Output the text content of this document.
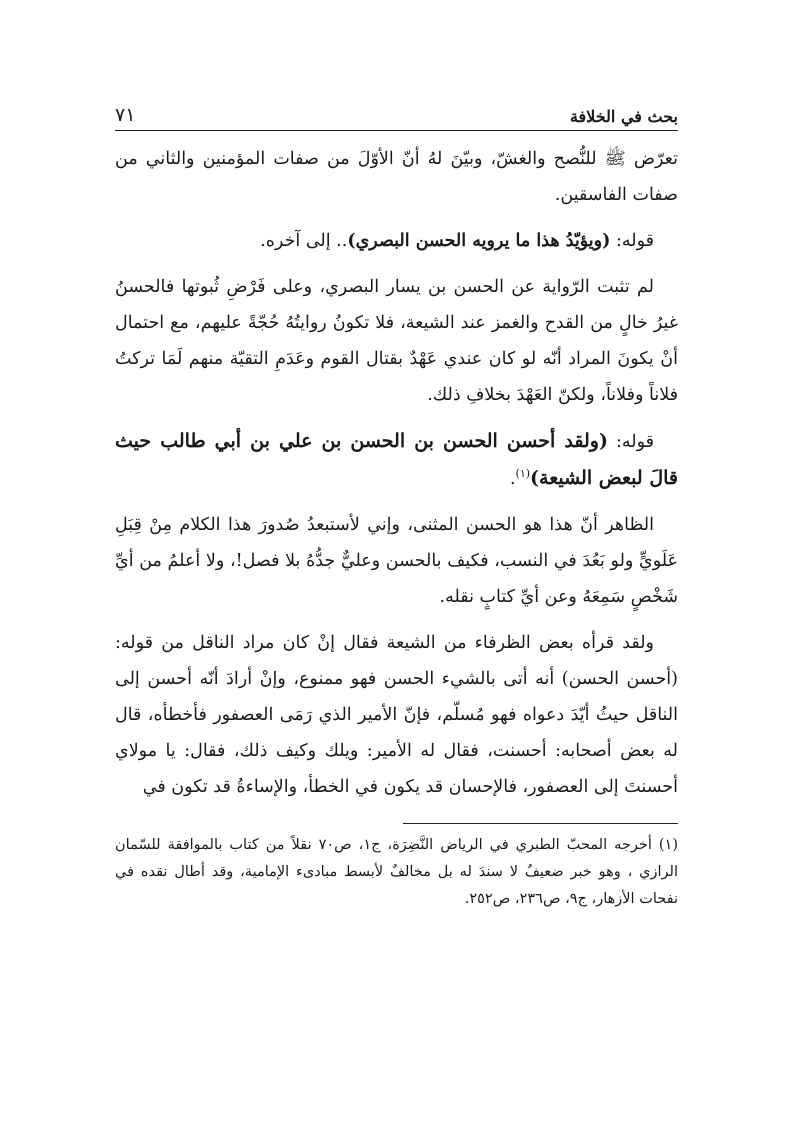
بحث في الخلافة
٧١

تعرّض ﷺ للنُّصح والغشّ، وبيّنَ لهُ أنّ الأوّلَ من صفات المؤمنين والثاني من صفات الفاسقين.

قوله: (ويؤيّدُ هذا ما يرويه الحسن البصري).. إلى آخره.

لم تثبت الرّواية عن الحسن بن يسار البصري، وعلى فَرْضِ ثُبوتها فالحسنُ غيرُ خالٍ من القدح والغمز عند الشيعة، فلا تكونُ روايتُهُ حُجّةً عليهم، مع احتمال أنْ يكونَ المراد أنّه لو كان عندي عَهْدٌ بقتال القوم وعَدَمِ التقيّة منهم لَمَا تركتُ فلاناً وفلاناً، ولكنّ العَهْدَ بخلافِ ذلك.

قوله: (ولقد أحسن الحسن بن الحسن بن علي بن أبي طالب حيث قالَ لبعض الشيعة)$^{(١)}$.

الظاهر أنّ هذا هو الحسن المثنى، وإني لأستبعدُ صُدورَ هذا الكلام مِنْ قِبَلِ عَلَويٍّ ولو بَعُدَ في النسب، فكيف بالحسن وعليٌّ جدُّهُ بلا فصل!، ولا أعلمُ من أيِّ شَخْصٍ سَمِعَهُ وعن أيِّ كتابٍ نقله.

ولقد قرأه بعض الظرفاء من الشيعة فقال إنْ كان مراد الناقل من قوله: (أحسن الحسن) أنه أتى بالشيء الحسن فهو ممنوع، وإنْ أرادَ أنّه أحسن إلى الناقل حيثُ أيّدَ دعواه فهو مُسلّم، فإنّ الأمير الذي رَمَى العصفور فأخطأه، قال له بعض أصحابه: أحسنت، فقال له الأمير: ويلك وكيف ذلك، فقال: يا مولاي أحسنتَ إلى العصفور، فالإحسان قد يكون في الخطأ، والإساءةُ قد تكون في

(١) أخرجه المحبّ الطبري في الرياض النَّضِرَة، ج١، ص٧٠ نقلاً من كتاب بالموافقة للسّمان الرازي ، وهو خبر ضعيفٌ لا سندَ له بل مخالفٌ لأبسط مبادىء الإمامية، وقد أطال نقده في نفحات الأزهار، ج٩، ص٢٣٦، ص٢٥٢.
